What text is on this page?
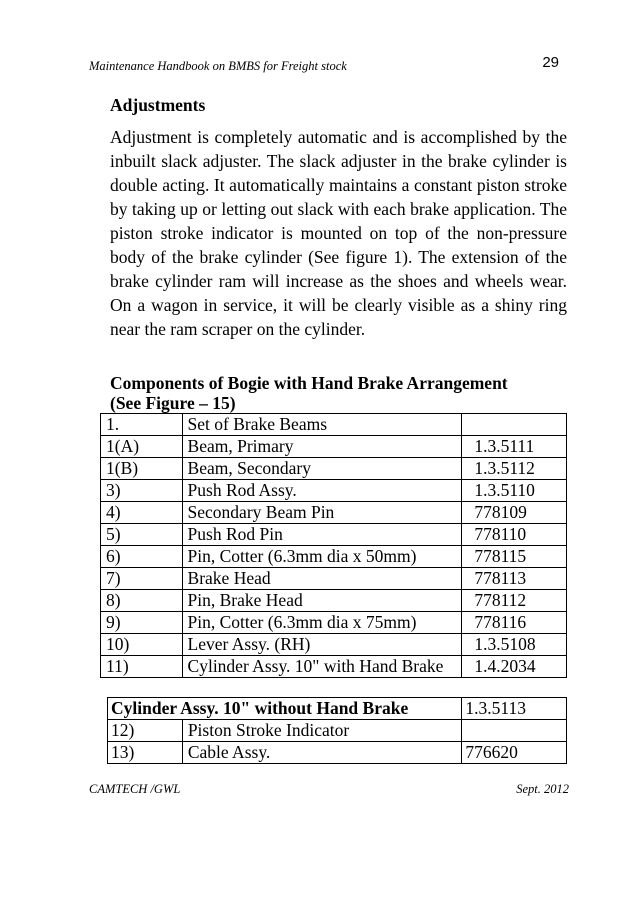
Maintenance Handbook on BMBS for Freight stock	29
Adjustments

Adjustment is completely automatic and is accomplished by the inbuilt slack adjuster. The slack adjuster in the brake cylinder is double acting. It automatically maintains a constant piston stroke by taking up or letting out slack with each brake application. The piston stroke indicator is mounted on top of the non-pressure body of the brake cylinder (See figure 1). The extension of the brake cylinder ram will increase as the shoes and wheels wear. On a wagon in service, it will be clearly visible as a shiny ring near the ram scraper on the cylinder.

Components of Bogie with Hand Brake Arrangement
(See Figure – 15)
1.	Set of Brake Beams	
1(A)	Beam, Primary	1.3.5111
1(B)	Beam, Secondary	1.3.5112
3)	Push Rod Assy.	1.3.5110
4)	Secondary Beam Pin	778109
5)	Push Rod Pin	778110
6)	Pin, Cotter (6.3mm dia x 50mm)	778115
7)	Brake Head	778113
8)	Pin, Brake Head	778112
9)	Pin, Cotter (6.3mm dia x 75mm)	778116
10)	Lever Assy. (RH)	1.3.5108
11)	Cylinder Assy. 10" with Hand Brake	1.4.2034
Cylinder Assy. 10" without Hand Brake		1.3.5113
12)	Piston Stroke Indicator	
13)	Cable Assy.	776620
CAMTECH /GWL	Sept. 2012
